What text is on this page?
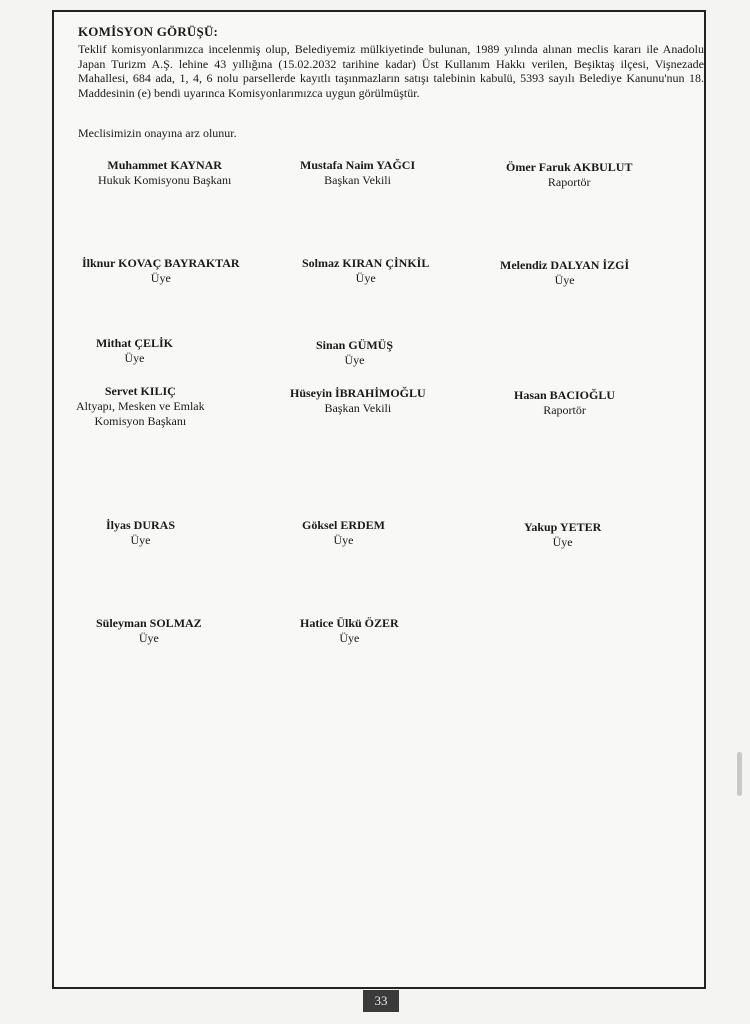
KOMİSYON GÖRÜŞÜ:
Teklif komisyonlarımızca incelenmiş olup, Belediyemiz mülkiyetinde bulunan, 1989 yılında alınan meclis kararı ile Anadolu Japan Turizm A.Ş. lehine 43 yıllığına (15.02.2032 tarihine kadar) Üst Kullanım Hakkı verilen, Beşiktaş ilçesi, Vişnezade Mahallesi, 684 ada, 1, 4, 6 nolu parsellerde kayıtlı taşınmazların satışı talebinin kabulü, 5393 sayılı Belediye Kanunu'nun 18. Maddesinin (e) bendi uyarınca Komisyonlarımızca uygun görülmüştür.
Meclisimizin onayına arz olunur.
Muhammet KAYNAR
Hukuk Komisyonu Başkanı
Mustafa Naim YAĞCI
Başkan Vekili
Ömer Faruk AKBULUT
Raportör
İlknur KOVAÇ BAYRAKTAR
Üye
Solmaz KIRAN ÇİNKİL
Üye
Melendiz DALYAN İZGİ
Üye
Mithat ÇELİK
Üye
Sinan GÜMÜŞ
Üye
Servet KILIÇ
Altyapı, Mesken ve Emlak
Komisyon Başkanı
Hüseyin İBRAHİMOĞLU
Başkan Vekili
Hasan BACIOĞLU
Raportör
İlyas DURAS
Üye
Göksel ERDEM
Üye
Yakup YETER
Üye
Süleyman SOLMAZ
Üye
Hatice Ülkü ÖZER
Üye
33
